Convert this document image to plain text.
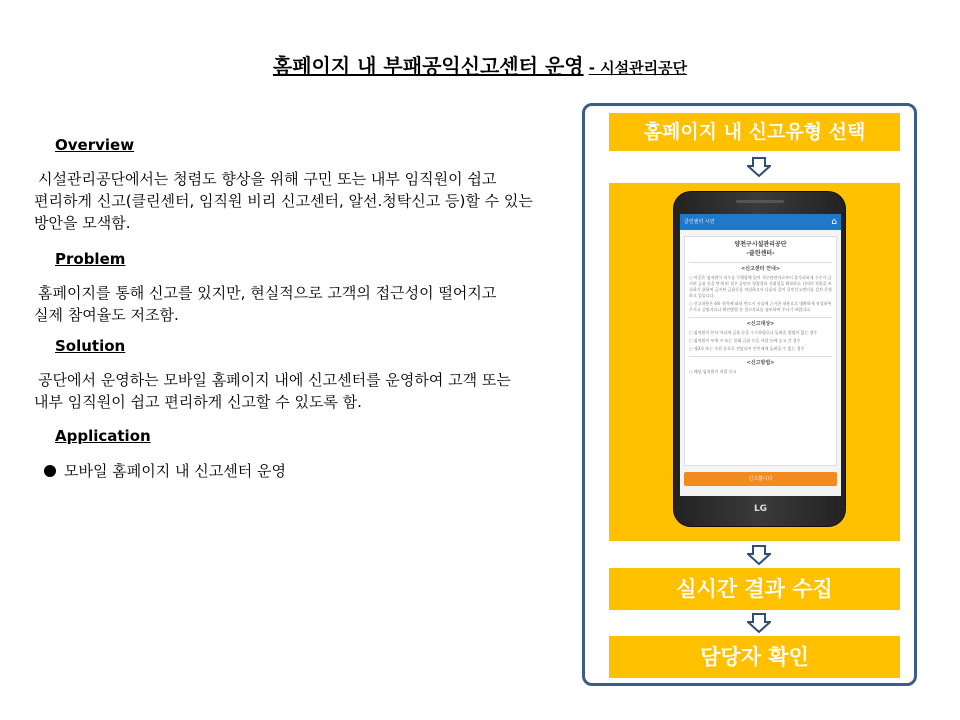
홈페이지 내 부패공익신고센터 운영 - 시설관리공단
Overview
시설관리공단에서는 청렴도 향상을 위해 구민 또는 내부 임직원이 쉽고
편리하게 신고(클린센터, 임직원 비리 신고센터, 알선.청탁신고 등)할 수 있는
방안을 모색함.
Problem
홈페이지를 통해 신고를 있지만, 현실적으로 고객의 접근성이 떨어지고
실제 참여율도 저조함.
Solution
공단에서 운영하는 모바일 홈페이지 내에 신고센터를 운영하여 고객 또는
내부 임직원이 쉽고 편리하게 신고할 수 있도록 함.
Application
모바일 홈페이지 내 신고센터 운영
홈페이지 내 신고유형 선택
클린센터 시민	⌂
양천구시설관리공단
-클린센터-
<신고센터 안내>
○ 이곳은 임직원이 직무를 수행함에 있어 직무관련자로부터 불가피하게 수수가 금지된 금품 등을 받게 된 경우 공단의 청렴성과 신뢰성을 확보하고 선의의 직원을 보호하기 위하여 금지된 금품등을 처리하고자 다음과 같이 클린신고센터를 설치 운영하고 있습니다.
○ 신고내용은 6하 원칙에 따라 반드시 사실에 근거한 내용으로 명확하게 작성하여 주시고 증빙자료나 확인방법 등 참고자료를 첨부하여 주시기 바랍니다.
<신고대상>
○ 임직원이 본의 아니게 금품 등을 수수하였으나 돌려줄 방법이 없는 경우
○ 임직원이 부재 시 또는 몰래 금품 등을 서랍 등에 놓고 간 경우
○ 제3자 또는 우편 등으로 전달되어 본인에게 돌려줄 수 없는 경우
<신고방법>
○ 해당 임직원이 직접 신고
신고합니다
LG
실시간 결과 수집
담당자 확인
